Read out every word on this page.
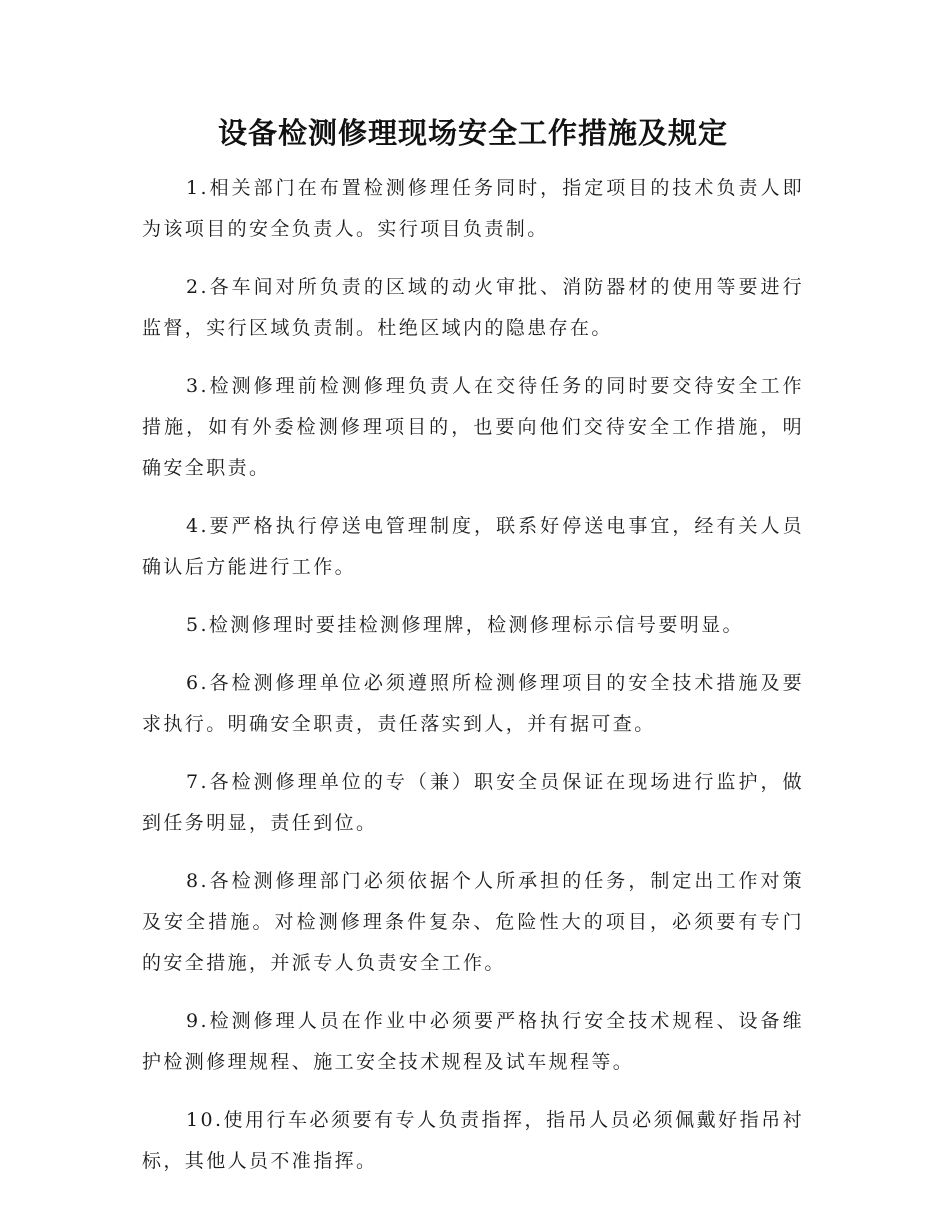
设备检测修理现场安全工作措施及规定
1.相关部门在布置检测修理任务同时，指定项目的技术负责人即为该项目的安全负责人。实行项目负责制。
2.各车间对所负责的区域的动火审批、消防器材的使用等要进行监督，实行区域负责制。杜绝区域内的隐患存在。
3.检测修理前检测修理负责人在交待任务的同时要交待安全工作措施，如有外委检测修理项目的，也要向他们交待安全工作措施，明确安全职责。
4.要严格执行停送电管理制度，联系好停送电事宜，经有关人员确认后方能进行工作。
5.检测修理时要挂检测修理牌，检测修理标示信号要明显。
6.各检测修理单位必须遵照所检测修理项目的安全技术措施及要求执行。明确安全职责，责任落实到人，并有据可查。
7.各检测修理单位的专（兼）职安全员保证在现场进行监护，做到任务明显，责任到位。
8.各检测修理部门必须依据个人所承担的任务，制定出工作对策及安全措施。对检测修理条件复杂、危险性大的项目，必须要有专门的安全措施，并派专人负责安全工作。
9.检测修理人员在作业中必须要严格执行安全技术规程、设备维护检测修理规程、施工安全技术规程及试车规程等。
10.使用行车必须要有专人负责指挥，指吊人员必须佩戴好指吊衬标，其他人员不准指挥。
